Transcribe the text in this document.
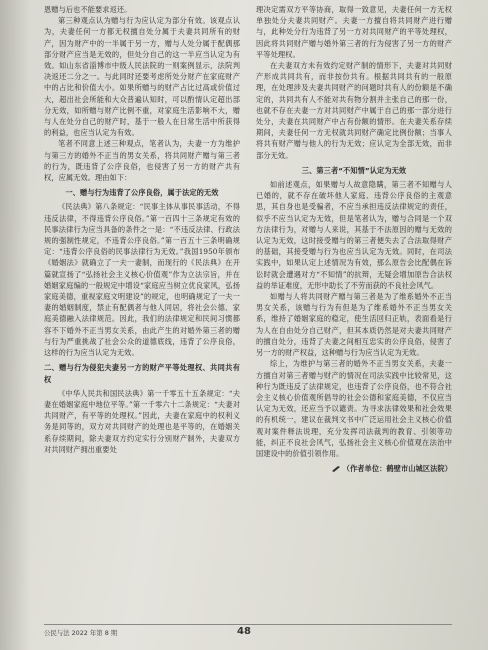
恩赠与后也不能要求返还。

第三种观点认为赠与行为应认定为部分有效。该观点认为，夫妻任何一方都无权擅自处分属于夫妻共同所有的财产，因为财产中的一半属于另一方，赠与人处分属于配偶那部分财产应当是无效的，但处分自己的这一半应当认定为有效。如山东省淄博市中级人民法院的一则案例显示，法院判决返还二分之一。与此同时还要考虑所处分财产在家庭财产中的占比和价值大小。如果所赠与的财产占比过高或价值过大，超出社会所能和大众普遍认知时，可以酌情认定超出部分无效，如所赠与财产比例不重，对家庭生活影响不大，赠与人在处分自己的财产时，基于一般人在日常生活中所获得的利益，也应当认定为有效。

笔者不同意上述三种观点，笔者认为，夫妻一方为维护与第三方的婚外不正当的男女关系，将共同财产赠与第三者的行为，既违背了公序良俗，也侵害了另一方的财产共有权，应属无效。理由如下：

一、赠与行为违背了公序良俗，属于法定的无效

《民法典》第八条规定：“民事主体从事民事活动，不得违反法律，不得违背公序良俗。”第一百四十三条规定有效的民事法律行为应当具备的条件之一是：“不违反法律、行政法规的强制性规定，不违背公序良俗。”第一百五十三条明确规定：“违背公序良俗的民事法律行为无效。”我国1950年颁布《婚姻法》就确立了一夫一妻制，而现行的《民法典》在开篇就宣扬了“弘扬社会主义核心价值观”作为立法宗旨，并在婚姻家庭编的一般规定中增设“家庭应当树立优良家风，弘扬家庭美德，重视家庭文明建设”的规定，也明确规定了一夫一妻的婚姻制度，禁止有配偶者与他人同居，将社会公德、家庭美德融入法律规范。因此，我们的法律规定和民间习惯都容不下婚外不正当男女关系，由此产生的对婚外第三者的赠与行为严重挑战了社会公众的道德底线，违背了公序良俗，这样的行为应当认定为无效。

二、赠与行为侵犯夫妻另一方的财产平等处理权、共同共有权

《中华人民共和国民法典》第一千零五十五条规定：“夫妻在婚姻家庭中地位平等。”第一千零六十二条规定：“夫妻对共同财产，有平等的处理权。”因此，夫妻在家庭中的权利义务是同等的，双方对共同财产的处理也是平等的，在婚姻关系存续期间，除夫妻双方约定实行分别财产制外，夫妻双方对共同财产拥出重要处

理决定需双方平等协商，取得一致意见，夫妻任何一方无权单独处分夫妻共同财产。夫妻一方擅自将共同财产进行赠与，此种处分行为违背了另一方对共同财产的平等处理权，因此将共同财产赠与婚外第三者的行为侵害了另一方的财产平等处理权。

在夫妻双方未有效约定财产制的情形下，夫妻对共同财产形成共同共有，而非按份共有。根据共同共有的一般原理，在处理涉及夫妻共同财产的问题时共有人的份额是不确定的，共同共有人不能对共有物分割并主张自己的那一份，也就不存在夫妻一方对共同财产中属于自己的那一部分进行处分，夫妻在共同财产中占有份额的情形。在夫妻关系存续期间，夫妻任何一方无权就共同财产确定比例份额；当事人将共有财产赠与他人的行为无效；应认定为全部无效，而非部分无效。

三、第三者“不知情”认定为无效

如前述观点，如果赠与人故意隐瞒，第三者不知赠与人已婚的，就不存在破坏他人家庭、违背公序良俗的主观意思，其自身也是受骗者，不应当承担违反法律规定的责任，似乎不应当认定为无效，但是笔者认为，赠与合同是一个双方法律行为，对赠与人来说，其基于不法原因的赠与无效的认定为无效，这时接受赠与的第三者便失去了合法取得财产的基础，其接受赠与行为也应当认定为无效。同时，在司法实践中，如果认定上述情况为有效，那么原告会比配偶在诉讼时就会遭遇对方“不知情”的抗辩，无疑会增加原告合法权益的举证难度，无形中助长了不劳而获的不良社会风气。

如赠与人将共同财产赠与第三者是为了维系婚外不正当男女关系，该赠与行为有但是为了维系婚外不正当男女关系，维持了婚姻家庭的稳定，使生活回归正轨，表面看是行为人在自由处分自己财产，但其本质仍然是对夫妻共同财产的擅自处分，违背了夫妻之间相互忠实的公序良俗，侵害了另一方的财产权益，这种赠与行为应当认定为无效。

综上，为维护与第三者的婚外不正当男女关系，夫妻一方擅自对第三者赠与财产的情况在司法实践中比较常见，这种行为既违反了法律规定，也违背了公序良俗，也不符合社会主义核心价值观所倡导的社会公德和家庭美德，不仅应当认定为无效，还应当予以谴责。为寻求法律效果和社会效果的有机统一，建议在裁判文书中广泛运用社会主义核心价值观对案件释法说理，充分发挥司法裁判的教育、引领等功能，纠正不良社会风气，弘扬社会主义核心价值观在法治中国建设中的价值引领作用。

（作者单位：鹤壁市山城区法院）
公民与法 2022 年第 8 期	48
